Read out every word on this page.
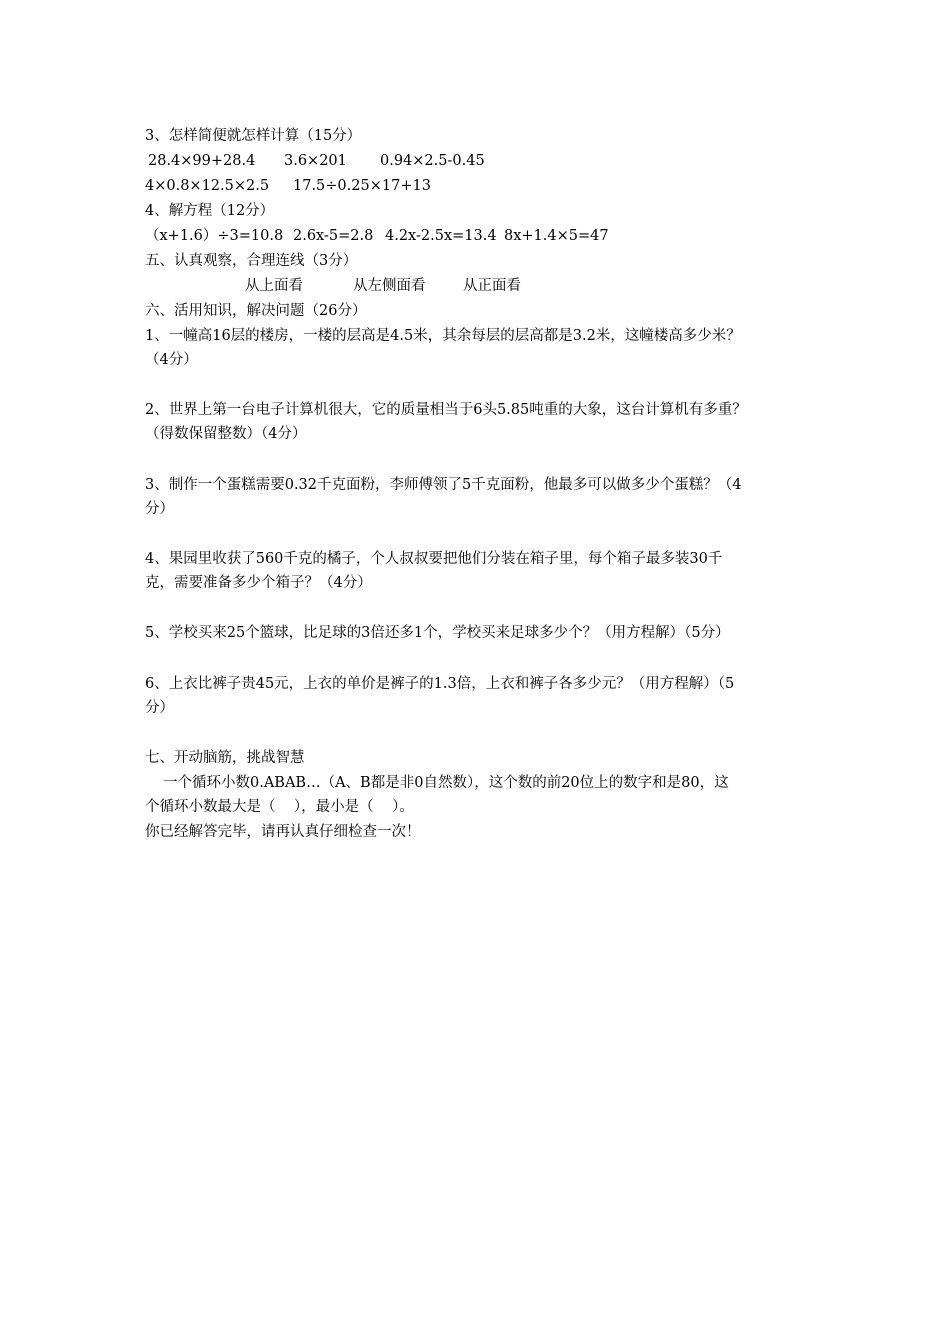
3、怎样简便就怎样计算（15分）
28.4×99+28.4 3.6×201 0.94×2.5-0.45
4×0.8×12.5×2.5 17.5÷0.25×17+13
4、解方程（12分）
（x+1.6）÷3=10.8 2.6x-5=2.8 4.2x-2.5x=13.4 8x+1.4×5=47
五、认真观察，合理连线（3分）
从上面看	从左侧面看	从正面看
六、活用知识，解决问题（26分）
1、一幢高16层的楼房，一楼的层高是4.5米，其余每层的层高都是3.2米，这幢楼高多少米？
（4分）
2、世界上第一台电子计算机很大，它的质量相当于6头5.85吨重的大象，这台计算机有多重？
（得数保留整数）（4分）
3、制作一个蛋糕需要0.32千克面粉，李师傅领了5千克面粉，他最多可以做多少个蛋糕？（4
分）
4、果园里收获了560千克的橘子，个人叔叔要把他们分装在箱子里，每个箱子最多装30千
克，需要准备多少个箱子？（4分）
5、学校买来25个篮球，比足球的3倍还多1个，学校买来足球多少个？（用方程解）（5分）
6、上衣比裤子贵45元，上衣的单价是裤子的1.3倍，上衣和裤子各多少元？（用方程解）（5
分）
七、开动脑筋，挑战智慧
一个循环小数0.ABAB…（A、B都是非0自然数），这个数的前20位上的数字和是80，这
个循环小数最大是（    ），最小是（    ）。
你已经解答完毕，请再认真仔细检查一次！
